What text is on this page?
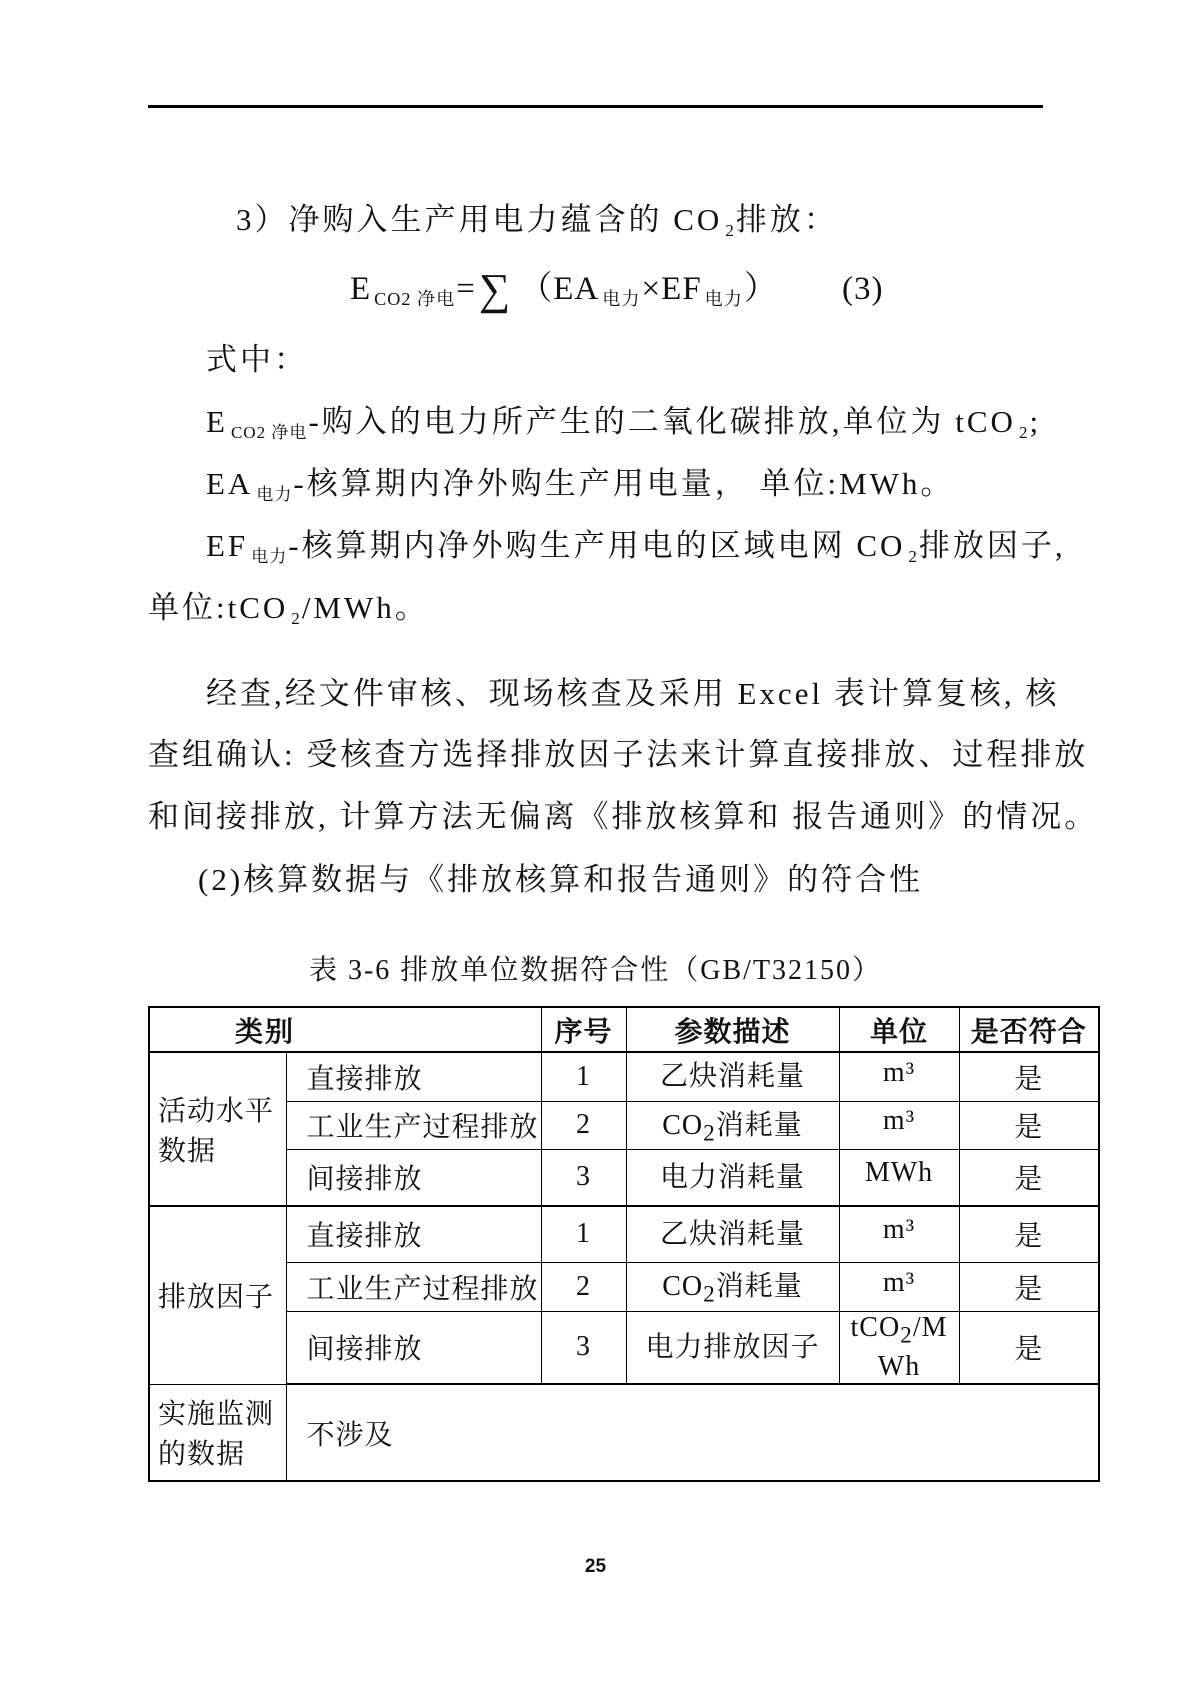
3）净购入生产用电力蕴含的 CO $_2$排放：
E $_{CO2 净电}$=∑ （EA $_{电力}$×EF $_{电力}$） (3)
式中：
E $_{CO2 净电}$-购入的电力所产生的二氧化碳排放,单位为 tCO $_2$;
EA $_{电力}$-核算期内净外购生产用电量， 单位:MWh。
EF $_{电力}$-核算期内净外购生产用电的区域电网 CO $_2$排放因子,
单位:tCO $_2$/MWh。
经查,经文件审核、现场核查及采用 Excel 表计算复核, 核
查组确认: 受核查方选择排放因子法来计算直接排放、过程排放
和间接排放, 计算方法无偏离《排放核算和 报告通则》的情况。
(2)核算数据与《排放核算和报告通则》的符合性
表 3-6 排放单位数据符合性（GB/T32150）
类别		序号	参数描述	单位	是否符合
活动水平数据	直接排放	1	乙炔消耗量	m³	是
	工业生产过程排放	2	$CO_2$消耗量	m³	是
	间接排放	3	电力消耗量	MWh	是
排放因子	直接排放	1	乙炔消耗量	m³	是
	工业生产过程排放	2	$CO_2$消耗量	m³	是
	间接排放	3	电力排放因子	tCO$_2$/MWh	是
实施监测的数据	不涉及				
25
